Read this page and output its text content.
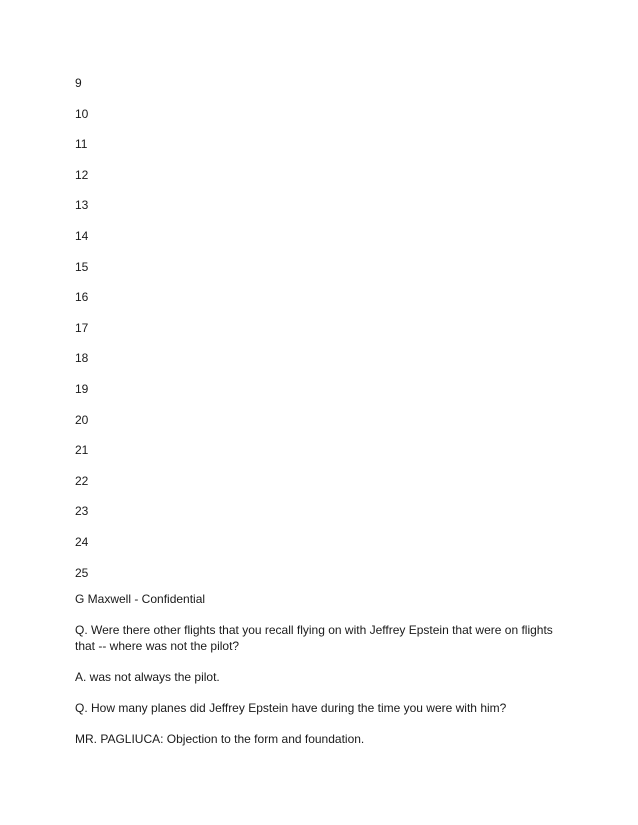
9
10
11
12
13
14
15
16
17
18
19
20
21
22
23
24
25

G Maxwell - Confidential

Q. Were there other flights that you recall flying on with Jeffrey Epstein that were on flights that -- where was not the pilot?

A. was not always the pilot.

Q. How many planes did Jeffrey Epstein have during the time you were with him?

MR. PAGLIUCA: Objection to the form and foundation.
